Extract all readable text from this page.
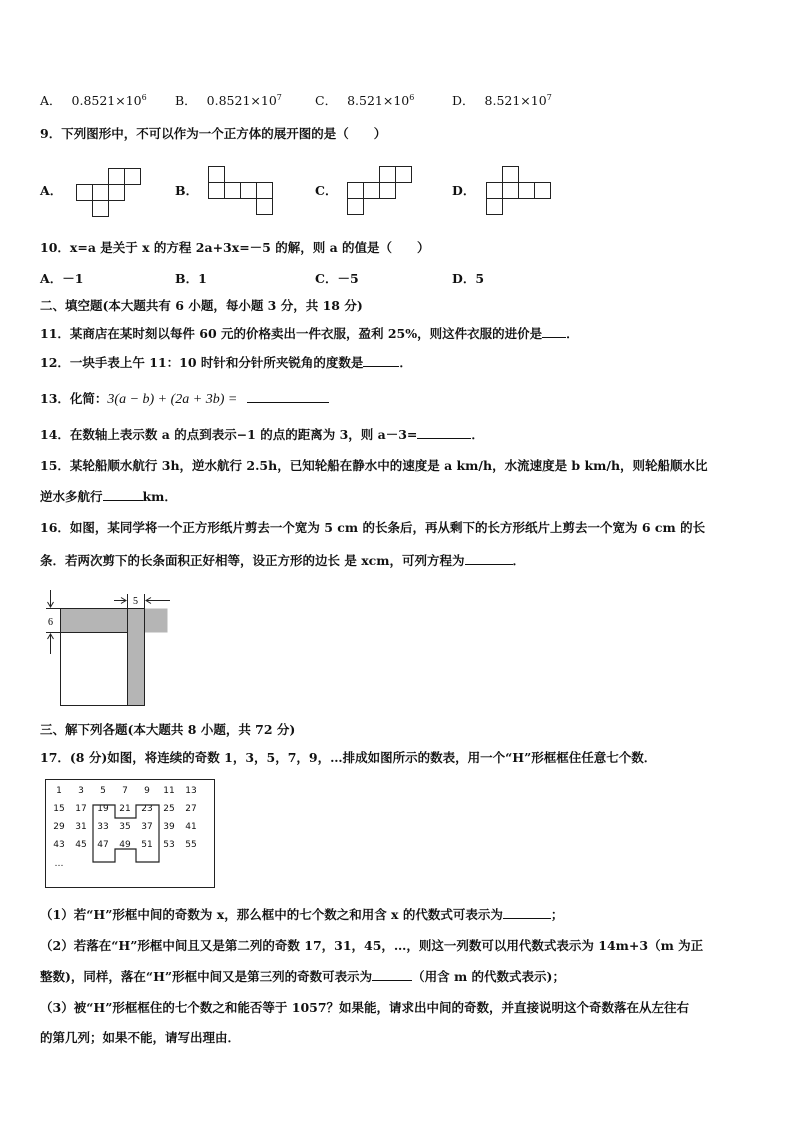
A． $0.8521\times 10^6$ B． $0.8521\times 10^7$	C． $8.521\times 10^6$	D． $8.521\times 10^7$
9．下列图形中，不可以作为一个正方体的展开图的是（　　）
A．	B．	C．	D．
10．x=a 是关于 x 的方程 2a+3x=－5 的解，则 a 的值是（　　）
A．－1	B．1	C．－5	D．5
二、填空题(本大题共有 6 小题，每小题 3 分，共 18 分)
11．某商店在某时刻以每件 60 元的价格卖出一件衣服，盈利 25%，则这件衣服的进价是 ．
12．一块手表上午 11：10 时针和分针所夹锐角的度数是	．
13．化简：3(a − b) + (2a + 3b) =
14．在数轴上表示数 a 的点到表示−1 的点的距离为 3，则 a－3=	．
15．某轮船顺水航行 3h，逆水航行 2.5h，已知轮船在静水中的速度是 a km/h，水流速度是 b km/h，则轮船顺水比
逆水多航行	km．
16．如图，某同学将一个正方形纸片剪去一个宽为 5 cm 的长条后，再从剩下的长方形纸片上剪去一个宽为 6 cm 的长
条．若两次剪下的长条面积正好相等，设正方形的边长 是 xcm，可列方程为	．
5
6
三、解下列各题(本大题共 8 小题，共 72 分)
17．(8 分)如图，将连续的奇数 1，3，5，7，9，…排成如图所示的数表，用一个“H”形框框住任意七个数．
1	3	5	7	9	11	13
15	17	19	21	23	25	27
29	31	33	35	37	39	41
43	45	47	49	51	53	55
…
（1）若“H”形框中间的奇数为 x，那么框中的七个数之和用含 x 的代数式可表示为	；
（2）若落在“H”形框中间且又是第二列的奇数 17，31，45，…，则这一列数可以用代数式表示为 14m+3（m 为正
整数)，同样，落在“H”形框中间又是第三列的奇数可表示为	（用含 m 的代数式表示)；
（3）被“H”形框框住的七个数之和能否等于 1057？如果能，请求出中间的奇数，并直接说明这个奇数落在从左往右
的第几列；如果不能，请写出理由．
